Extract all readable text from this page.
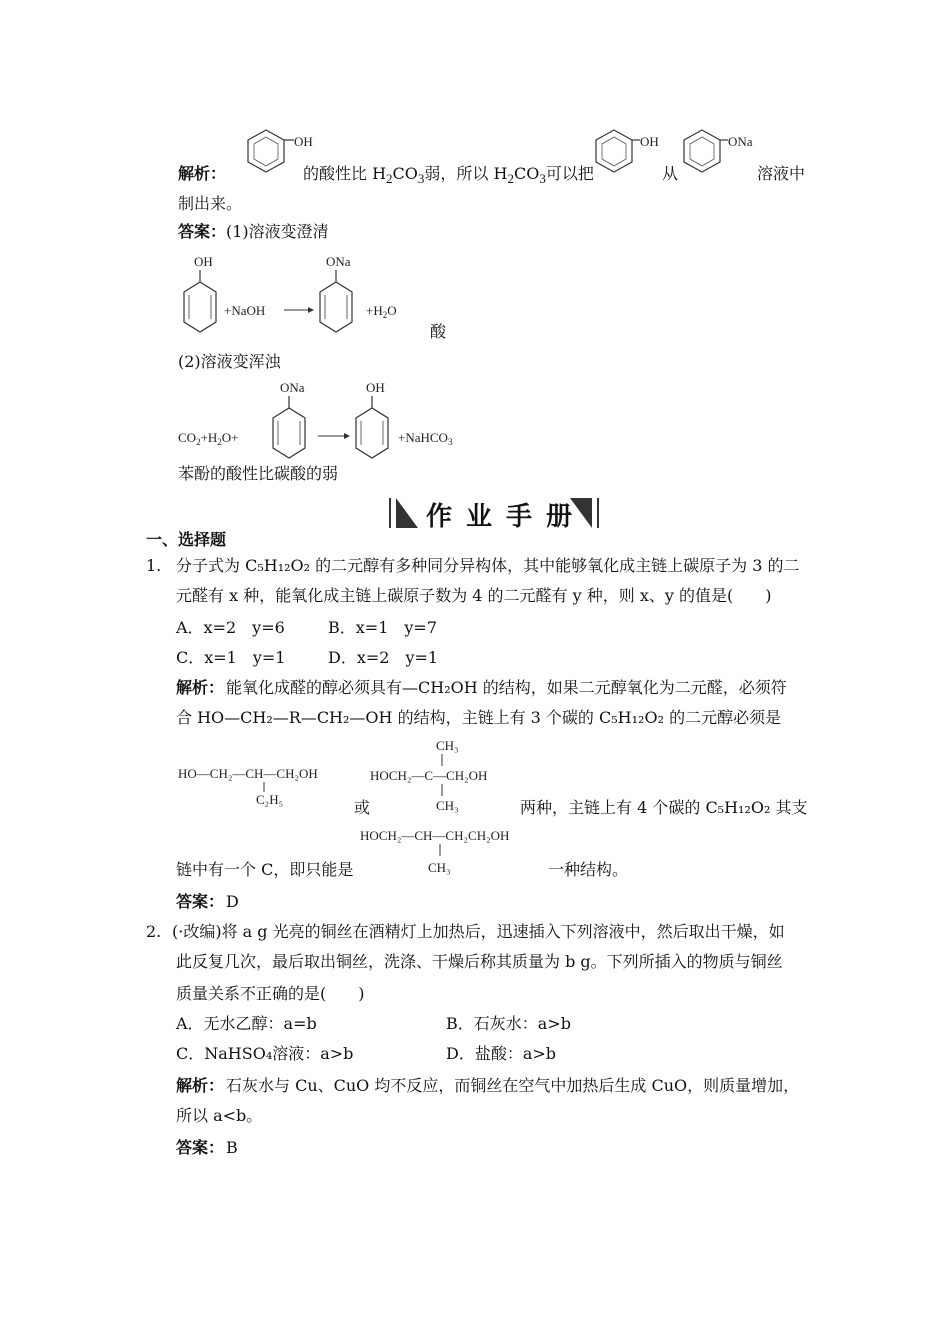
解析：
OH
的酸性比 $H_2CO_3$弱，所以 $H_2CO_3$可以把
OH
从
ONa
溶液中
制出来。
答案： (1)溶液变澄清
OH
+NaOH
ONa
$+H_2O$
酸
(2)溶液变浑浊
$CO_2+H_2O+$
ONa	OH
+NaHCO$_3$
苯酚的酸性比碳酸的弱
作业手册
一、选择题
1. 分子式为 C₅H₁₂O₂ 的二元醇有多种同分异构体，其中能够氧化成主链上碳原子为 3 的二
元醛有 x 种，能氧化成主链上碳原子数为 4 的二元醛有 y 种，则 x、y 的值是(　　)
A．x=2　y=6	B．x=1　y=7
C．x=1　y=1	D．x=2　y=1
解析： 能氧化成醛的醇必须具有—CH₂OH 的结构，如果二元醇氧化为二元醛，必须符
合 HO—CH₂—R—CH₂—OH 的结构，主链上有 3 个碳的 C₅H₁₂O₂ 的二元醇必须是
HO—CH₂—CH—CH₂OH
C₂H₅	或
CH₃
HOCH₂—C—CH₂OH
CH₃	两种，主链上有 4 个碳的 C₅H₁₂O₂ 其支
HOCH₂—CH—CH₂CH₂OH
CH₃
链中有一个 C，即只能是	一种结构。
答案： D
2. (·改编)将 a g 光亮的铜丝在酒精灯上加热后，迅速插入下列溶液中，然后取出干燥，如
此反复几次，最后取出铜丝，洗涤、干燥后称其质量为 b g。下列所插入的物质与铜丝
质量关系不正确的是(　　)
A．无水乙醇：a=b	B．石灰水：a>b
C．NaHSO₄溶液：a>b	D．盐酸：a>b
解析： 石灰水与 Cu、CuO 均不反应，而铜丝在空气中加热后生成 CuO，则质量增加，
所以 a<b。
答案： B
